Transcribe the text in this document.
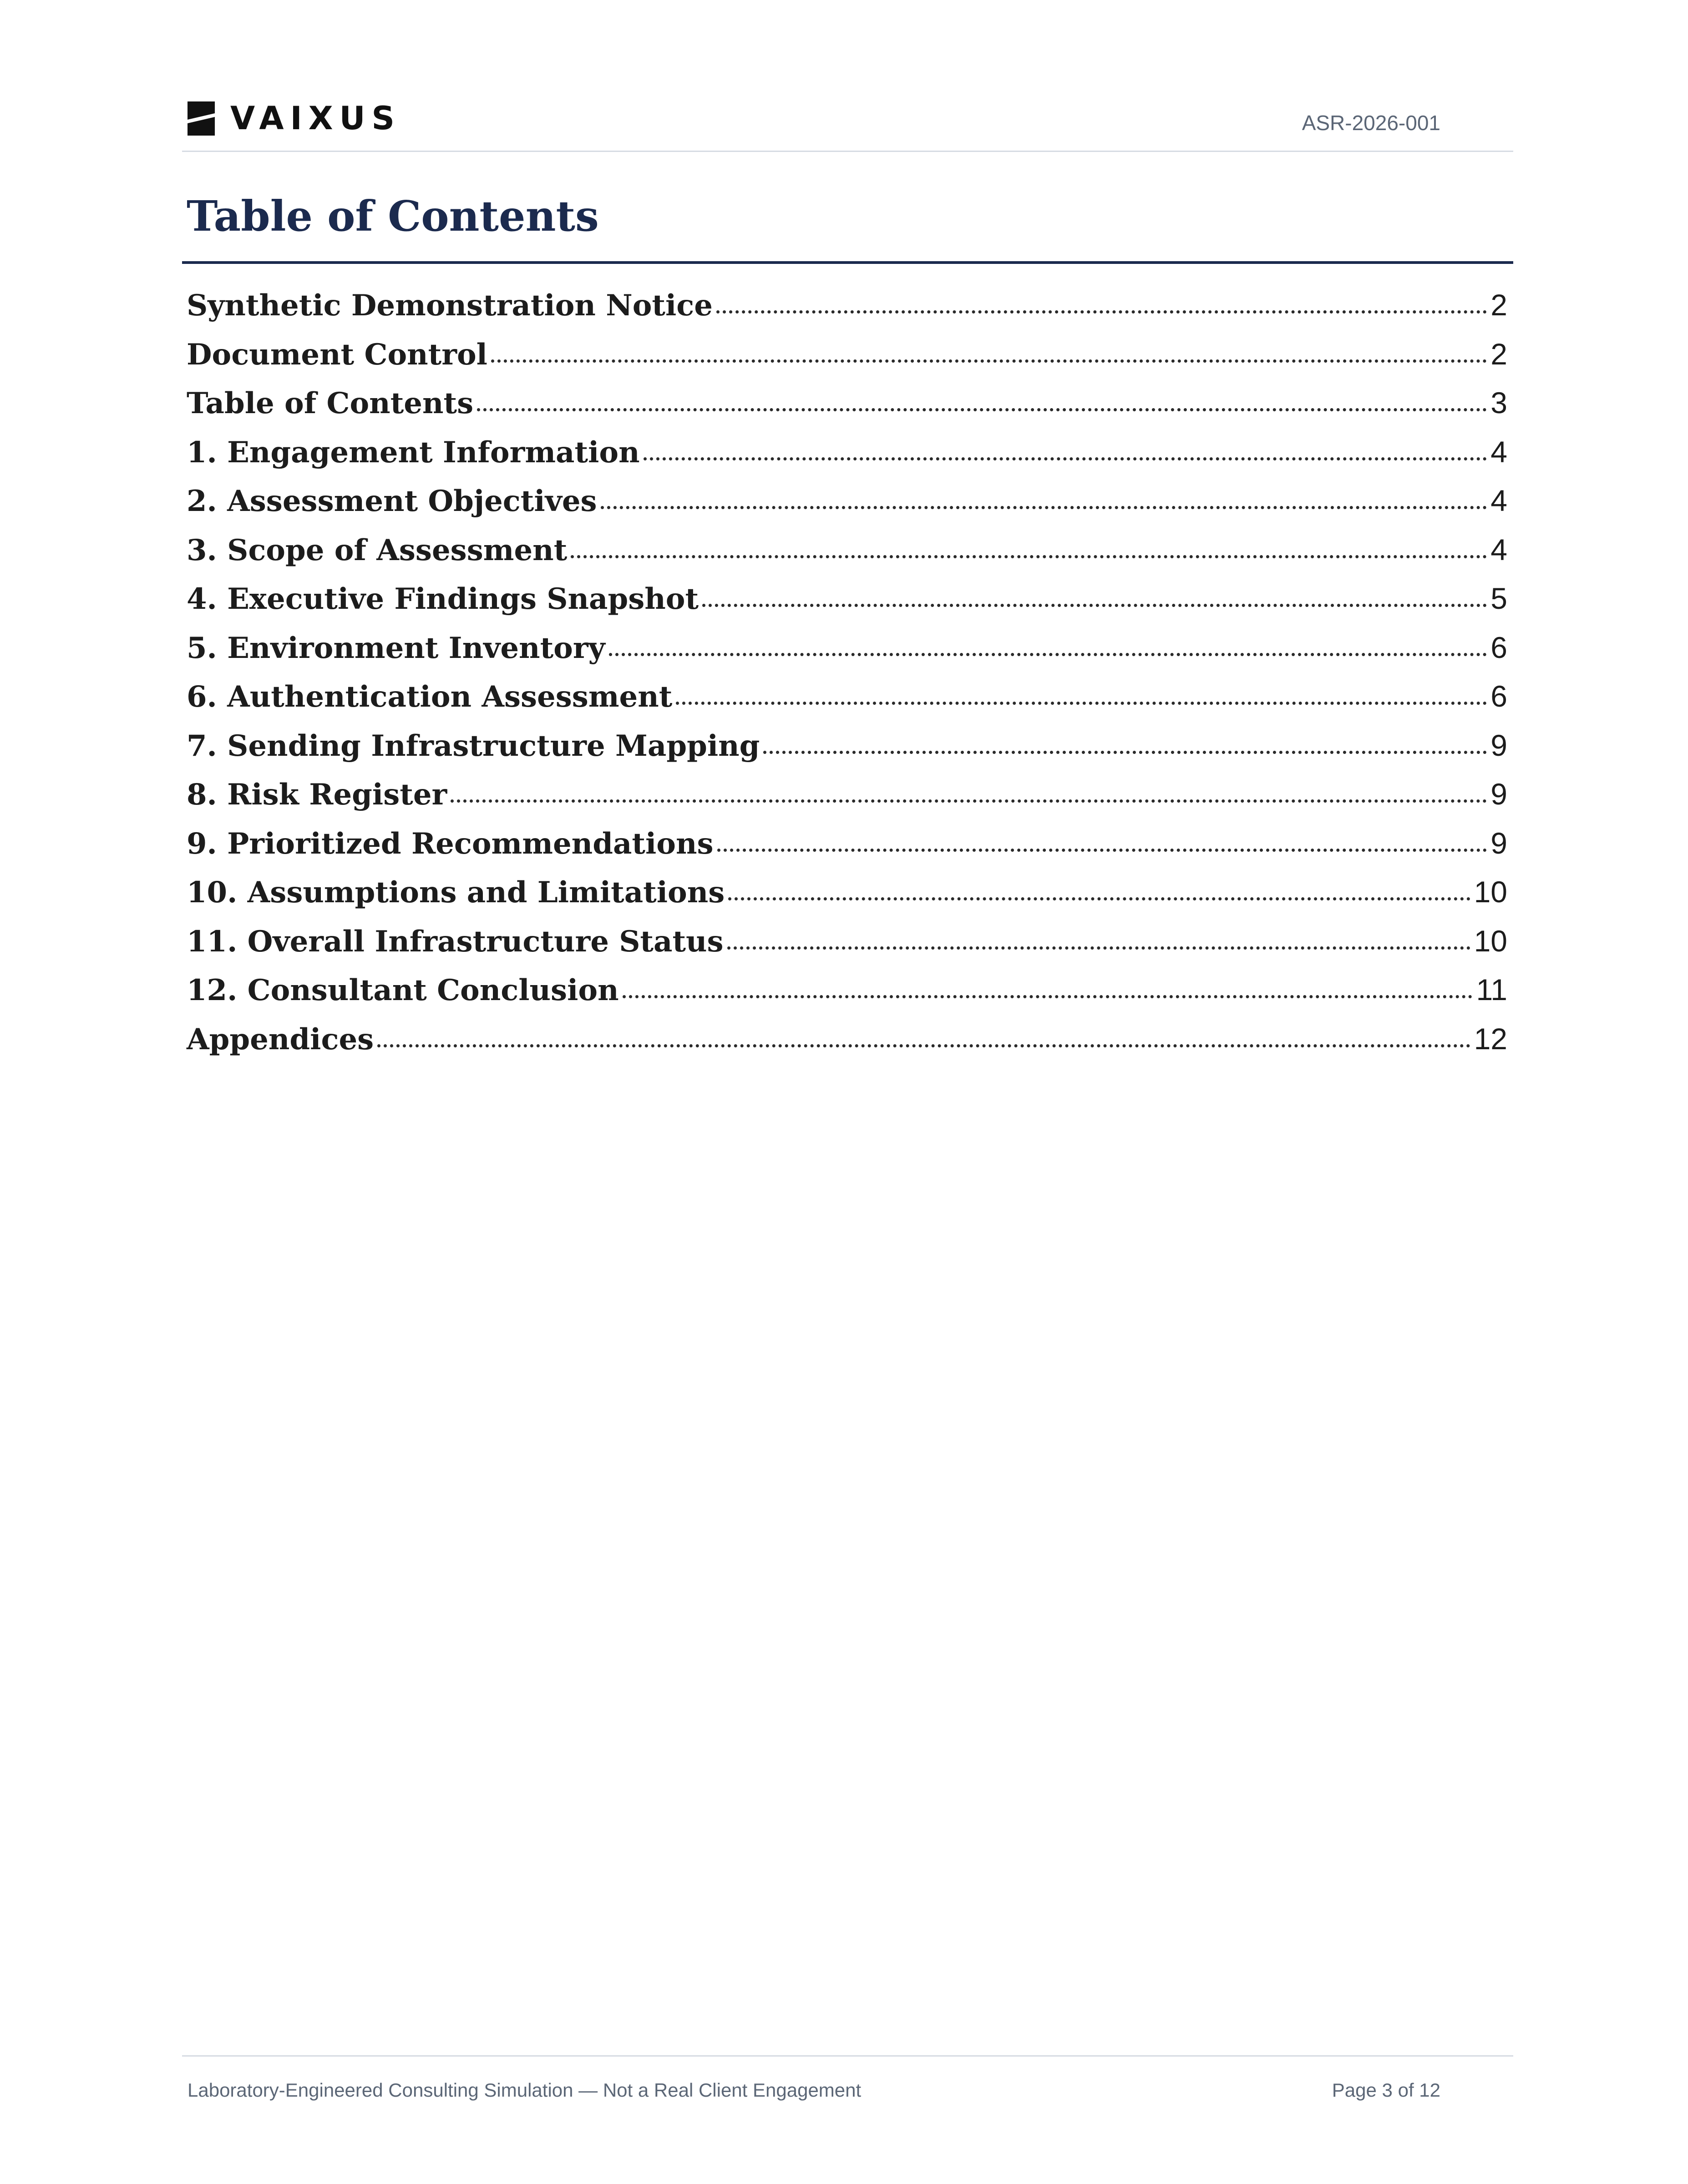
VAIXUS	ASR-2026-001
Table of Contents
Synthetic Demonstration Notice	2
Document Control	2
Table of Contents	3
1. Engagement Information	4
2. Assessment Objectives	4
3. Scope of Assessment	4
4. Executive Findings Snapshot	5
5. Environment Inventory	6
6. Authentication Assessment	6
7. Sending Infrastructure Mapping	9
8. Risk Register	9
9. Prioritized Recommendations	9
10. Assumptions and Limitations	10
11. Overall Infrastructure Status	10
12. Consultant Conclusion	11
Appendices	12
Laboratory-Engineered Consulting Simulation — Not a Real Client Engagement	Page 3 of 12
